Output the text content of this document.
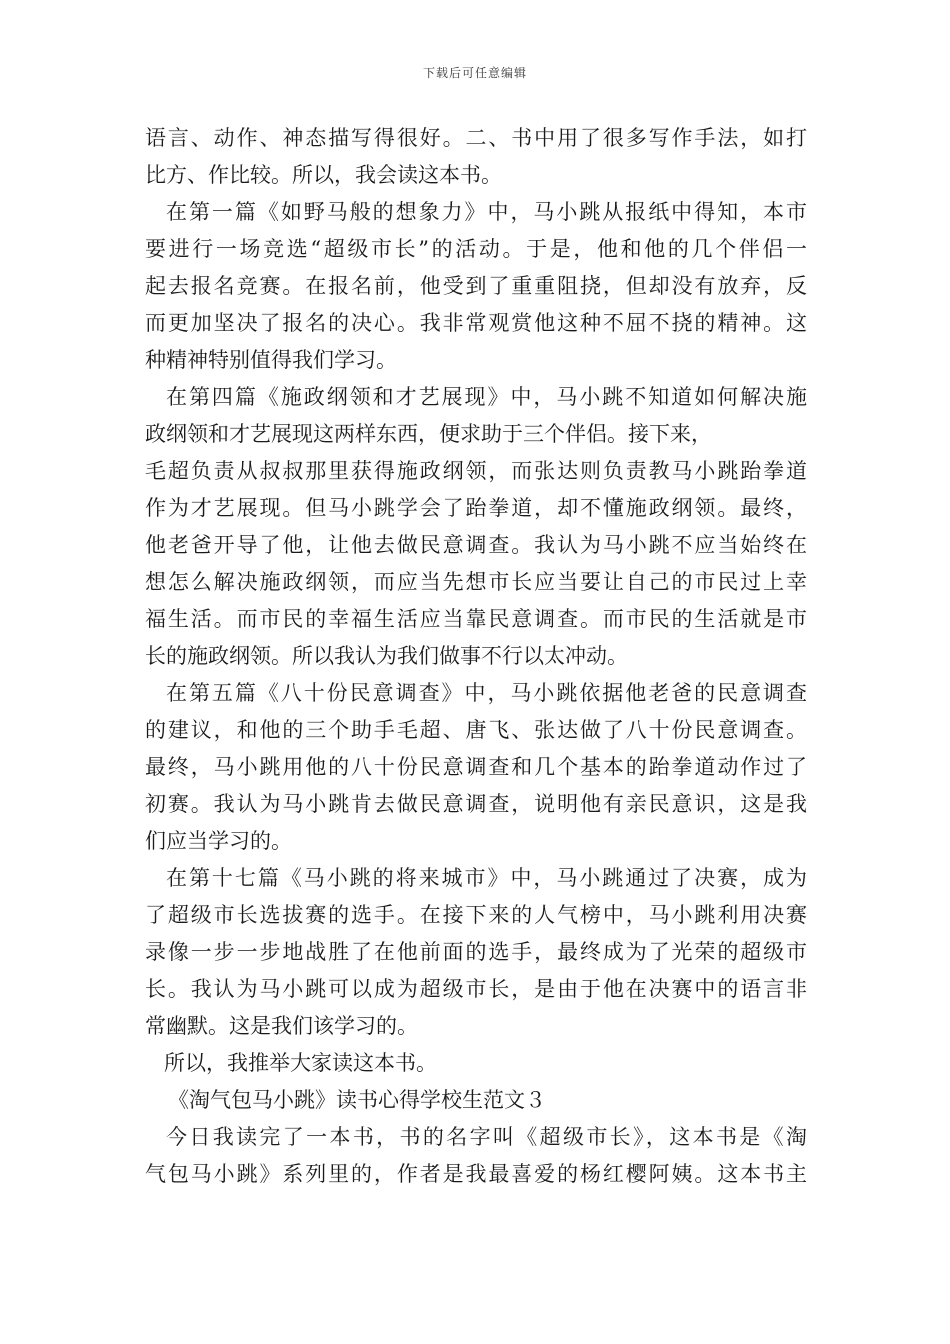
下载后可任意编辑
语言、动作、神态描写得很好。二、书中用了很多写作手法，如打
比方、作比较。所以，我会读这本书。
在第一篇《如野马般的想象力》中，马小跳从报纸中得知，本市
要进行一场竞选“超级市长”的活动。于是，他和他的几个伴侣一
起去报名竞赛。在报名前，他受到了重重阻挠，但却没有放弃，反
而更加坚决了报名的决心。我非常观赏他这种不屈不挠的精神。这
种精神特别值得我们学习。
在第四篇《施政纲领和才艺展现》中，马小跳不知道如何解决施
政纲领和才艺展现这两样东西，便求助于三个伴侣。接下来，
毛超负责从叔叔那里获得施政纲领，而张达则负责教马小跳跆拳道
作为才艺展现。但马小跳学会了跆拳道，却不懂施政纲领。最终，
他老爸开导了他，让他去做民意调查。我认为马小跳不应当始终在
想怎么解决施政纲领，而应当先想市长应当要让自己的市民过上幸
福生活。而市民的幸福生活应当靠民意调查。而市民的生活就是市
长的施政纲领。所以我认为我们做事不行以太冲动。
在第五篇《八十份民意调查》中，马小跳依据他老爸的民意调查
的建议，和他的三个助手毛超、唐飞、张达做了八十份民意调查。
最终，马小跳用他的八十份民意调查和几个基本的跆拳道动作过了
初赛。我认为马小跳肯去做民意调查，说明他有亲民意识，这是我
们应当学习的。
在第十七篇《马小跳的将来城市》中，马小跳通过了决赛，成为
了超级市长选拔赛的选手。在接下来的人气榜中，马小跳利用决赛
录像一步一步地战胜了在他前面的选手，最终成为了光荣的超级市
长。我认为马小跳可以成为超级市长，是由于他在决赛中的语言非
常幽默。这是我们该学习的。
所以，我推举大家读这本书。
《淘气包马小跳》读书心得学校生范文３
今日我读完了一本书，书的名字叫《超级市长》，这本书是《淘
气包马小跳》系列里的，作者是我最喜爱的杨红樱阿姨。这本书主
